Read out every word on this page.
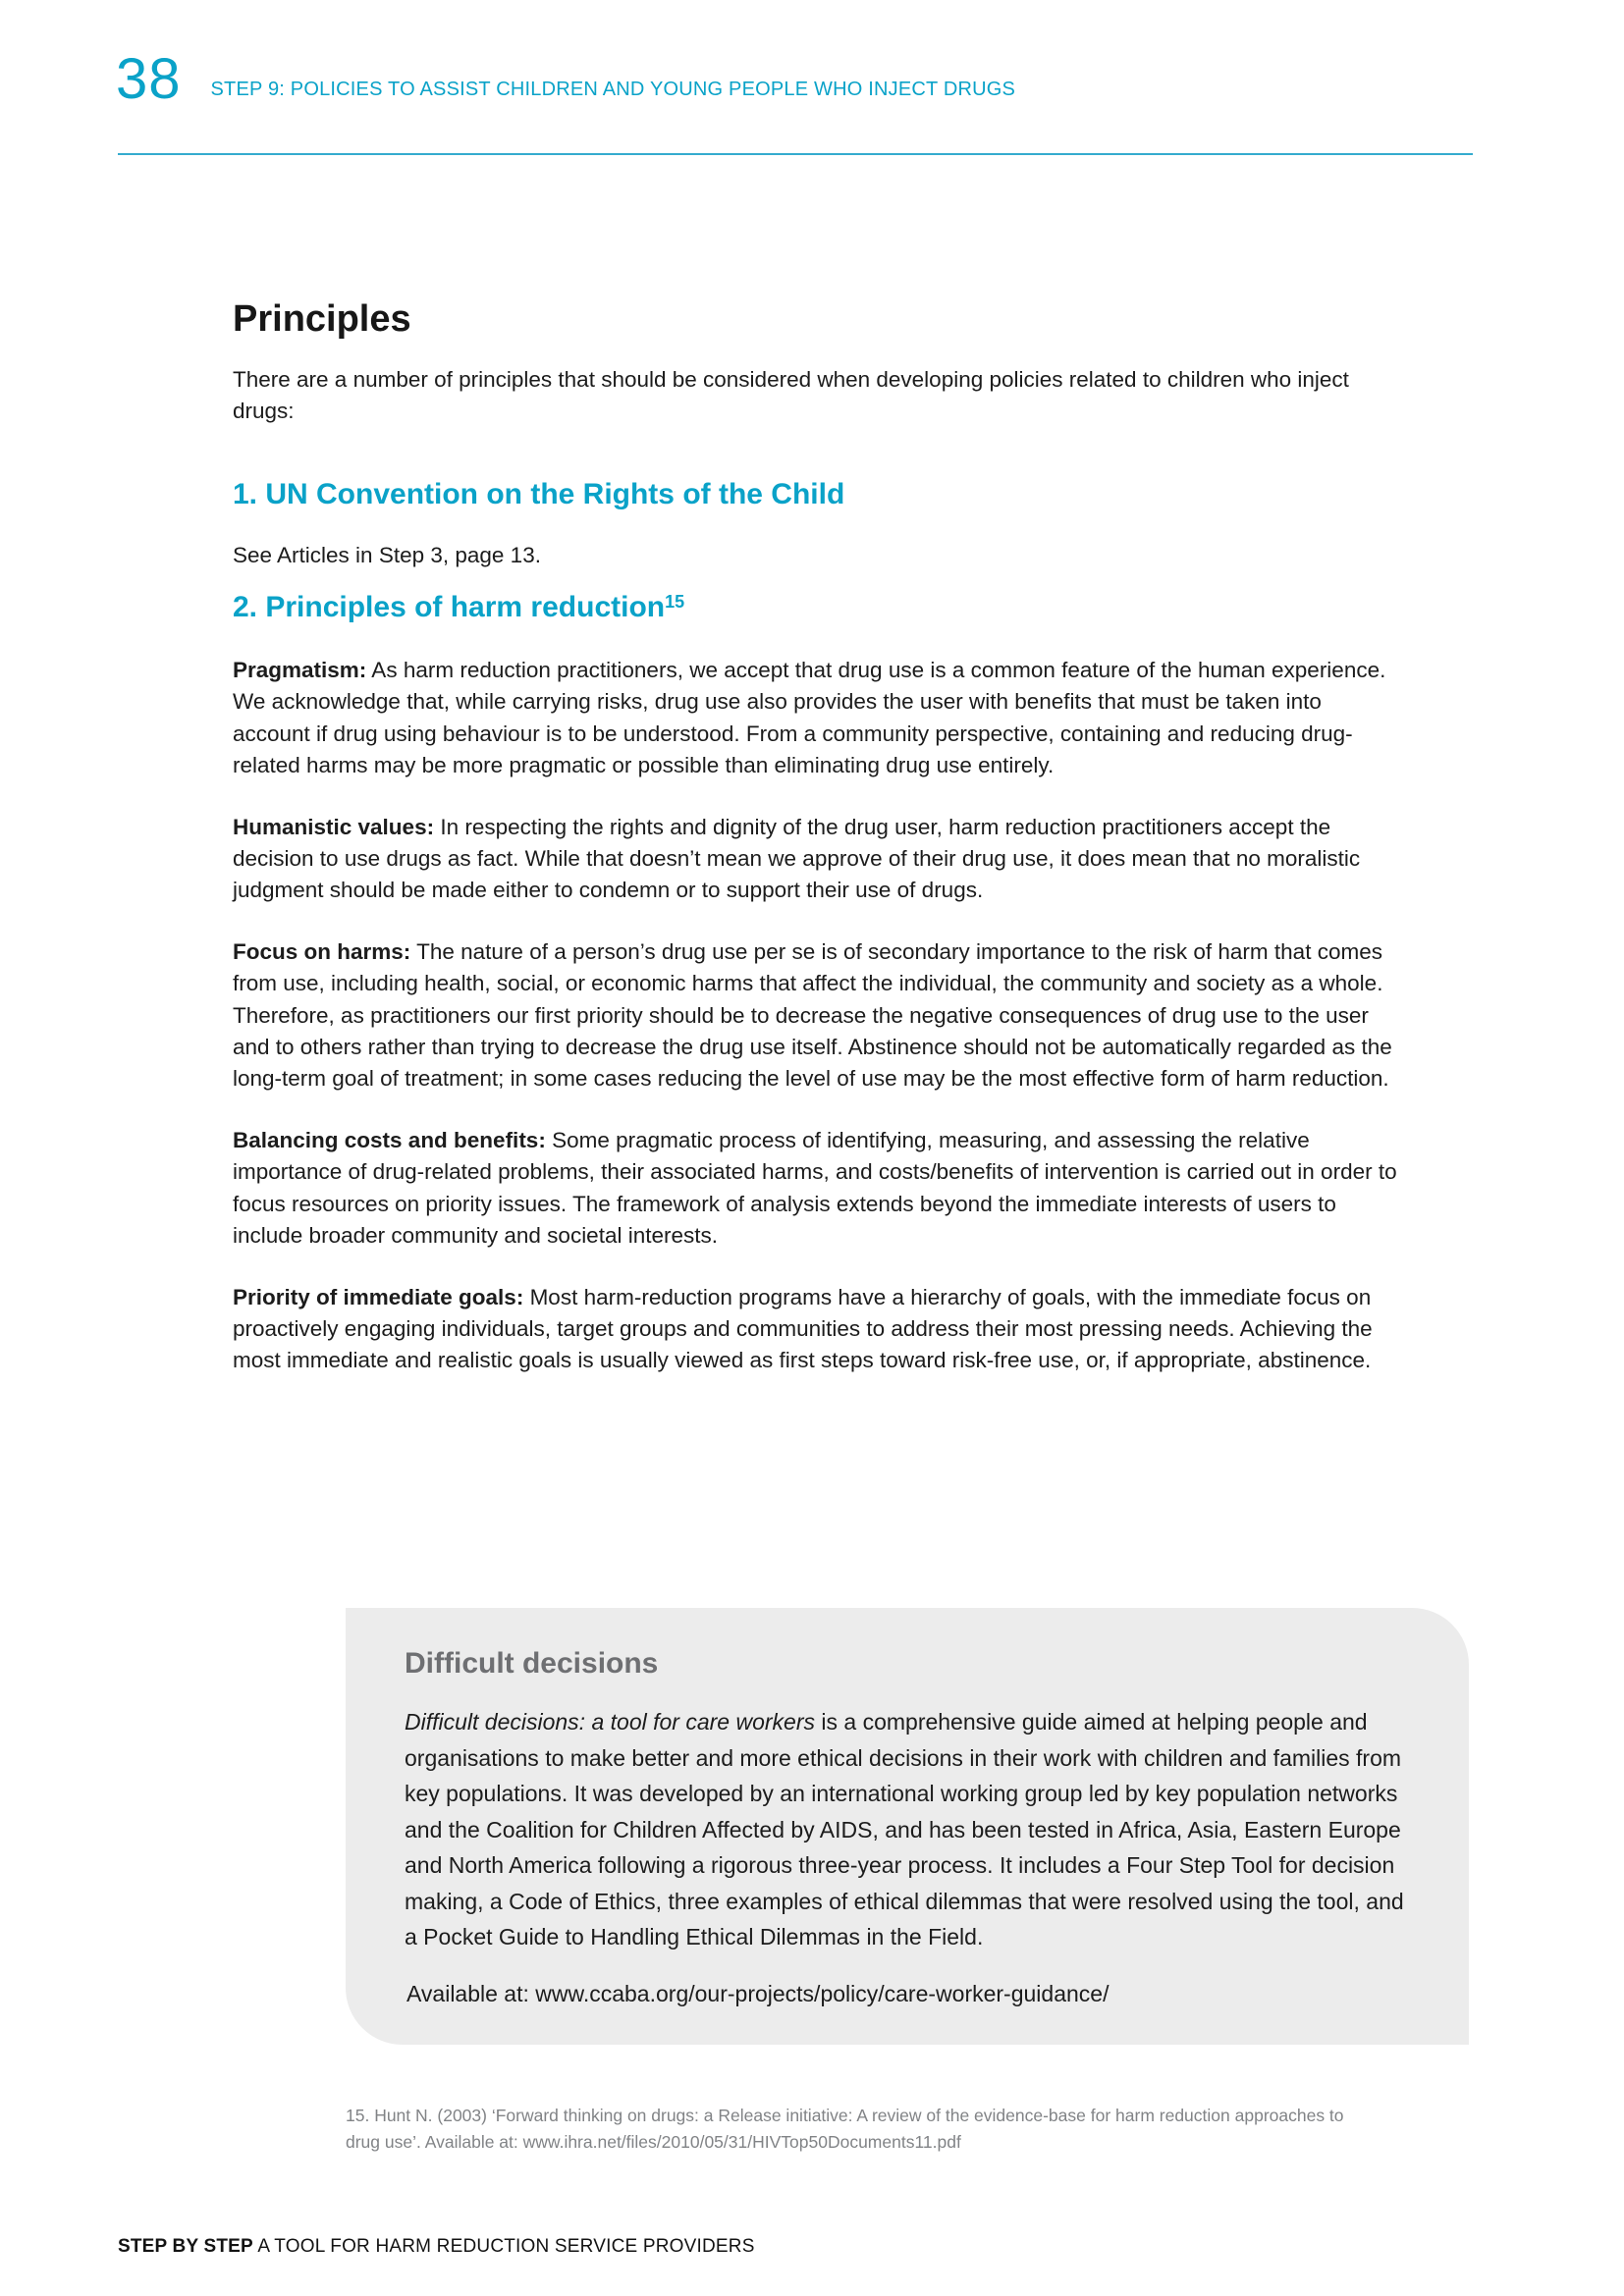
38 STEP 9: POLICIES TO ASSIST CHILDREN AND YOUNG PEOPLE WHO INJECT DRUGS
Principles

There are a number of principles that should be considered when developing policies related to children who inject drugs:

1. UN Convention on the Rights of the Child

See Articles in Step 3, page 13.

2. Principles of harm reduction$^{15}$

Pragmatism: As harm reduction practitioners, we accept that drug use is a common feature of the human experience. We acknowledge that, while carrying risks, drug use also provides the user with benefits that must be taken into account if drug using behaviour is to be understood. From a community perspective, containing and reducing drug-related harms may be more pragmatic or possible than eliminating drug use entirely.

Humanistic values: In respecting the rights and dignity of the drug user, harm reduction practitioners accept the decision to use drugs as fact. While that doesn’t mean we approve of their drug use, it does mean that no moralistic judgment should be made either to condemn or to support their use of drugs.

Focus on harms: The nature of a person’s drug use per se is of secondary importance to the risk of harm that comes from use, including health, social, or economic harms that affect the individual, the community and society as a whole. Therefore, as practitioners our first priority should be to decrease the negative consequences of drug use to the user and to others rather than trying to decrease the drug use itself. Abstinence should not be automatically regarded as the long-term goal of treatment; in some cases reducing the level of use may be the most effective form of harm reduction.

Balancing costs and benefits: Some pragmatic process of identifying, measuring, and assessing the relative importance of drug-related problems, their associated harms, and costs/benefits of intervention is carried out in order to focus resources on priority issues. The framework of analysis extends beyond the immediate interests of users to include broader community and societal interests.

Priority of immediate goals: Most harm-reduction programs have a hierarchy of goals, with the immediate focus on proactively engaging individuals, target groups and communities to address their most pressing needs. Achieving the most immediate and realistic goals is usually viewed as first steps toward risk-free use, or, if appropriate, abstinence.

Difficult decisions

Difficult decisions: a tool for care workers is a comprehensive guide aimed at helping people and organisations to make better and more ethical decisions in their work with children and families from key populations. It was developed by an international working group led by key population networks and the Coalition for Children Affected by AIDS, and has been tested in Africa, Asia, Eastern Europe and North America following a rigorous three-year process. It includes a Four Step Tool for decision making, a Code of Ethics, three examples of ethical dilemmas that were resolved using the tool, and a Pocket Guide to Handling Ethical Dilemmas in the Field.

Available at: www.ccaba.org/our-projects/policy/care-worker-guidance/

15. Hunt N. (2003) ‘Forward thinking on drugs: a Release initiative: A review of the evidence-base for harm reduction approaches to
drug use’. Available at: www.ihra.net/files/2010/05/31/HIVTop50Documents11.pdf
STEP BY STEP A TOOL FOR HARM REDUCTION SERVICE PROVIDERS
